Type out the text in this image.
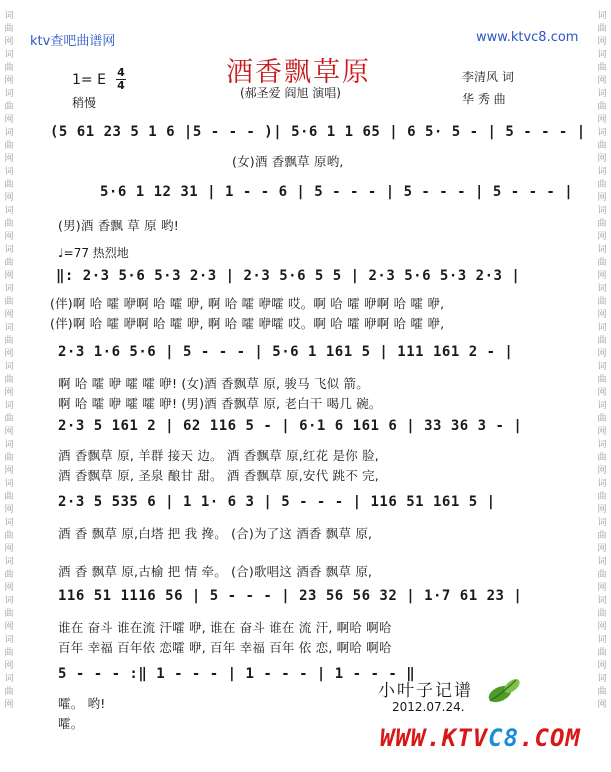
词曲网词曲网词曲网词曲网词曲网词曲网词曲网词曲网词曲网词曲网词曲网词曲网词曲网词曲网词曲网词曲网词曲网词曲网
词曲网词曲网词曲网词曲网词曲网词曲网词曲网词曲网词曲网词曲网词曲网词曲网词曲网词曲网词曲网词曲网词曲网词曲网
ktv查吧曲谱网	www.ktvc8.com
酒香飘草原
(郝圣爱 阎旭 演唱)
1= E 4
4
稍慢
李清风 词
华 秀 曲
(5 61 23 5 1 6 |5 - - - )| 5·6 1 1 65 | 6 5· 5 - | 5 - - - |
(女)酒 香飘草 原哟,
5·6 1 12 31 | 1 - - 6 | 5 - - - | 5 - - - | 5 - - - |
(男)酒 香飘 草 原 哟!
♩=77 热烈地
‖: 2·3 5·6 5·3 2·3 | 2·3 5·6 5 5 | 2·3 5·6 5·3 2·3 |
(伴)啊 哈 嚯 咿啊 哈 嚯 咿, 啊 哈 嚯 咿嚯 哎。啊 哈 嚯 咿啊 哈 嚯 咿,
(伴)啊 哈 嚯 咿啊 哈 嚯 咿, 啊 哈 嚯 咿嚯 哎。啊 哈 嚯 咿啊 哈 嚯 咿,
2·3 1·6 5·6 | 5 - - - | 5·6 1 161 5 | 111 161 2 - |
啊 哈 嚯 咿 嚯 嚯 咿! (女)酒 香飘草 原, 骏马 飞似 箭。
啊 哈 嚯 咿 嚯 嚯 咿! (男)酒 香飘草 原, 老白干 喝几 碗。
2·3 5 161 2 | 62 116 5 - | 6·1 6 161 6 | 33 36 3 - |
酒 香飘草 原, 羊群 接天 边。 酒 香飘草 原,红花 是你 脸,
酒 香飘草 原, 圣泉 酿甘 甜。 酒 香飘草 原,安代 跳不 完,
2·3 5 535 6 | 1 1· 6 3 | 5 - - - | 116 51 161 5 |
酒 香 飘草 原,白塔 把 我 搀。 (合)为了这 酒香 飘草 原,
酒 香 飘草 原,古榆 把 情 牵。 (合)歌唱这 酒香 飘草 原,
116 51 1116 56 | 5 - - - | 23 56 56 32 | 1·7 61 23 |
谁在 奋斗 谁在流 汗嚯 咿, 谁在 奋斗 谁在 流 汗, 啊哈 啊哈
百年 幸福 百年依 恋嚯 咿, 百年 幸福 百年 依 恋, 啊哈 啊哈
5 - - - :‖ 1 - - - | 1 - - - | 1 - - - ‖
嚯。 哟!
嚯。
小叶子记谱
2012.07.24.
WWW.KTVC8.COM
